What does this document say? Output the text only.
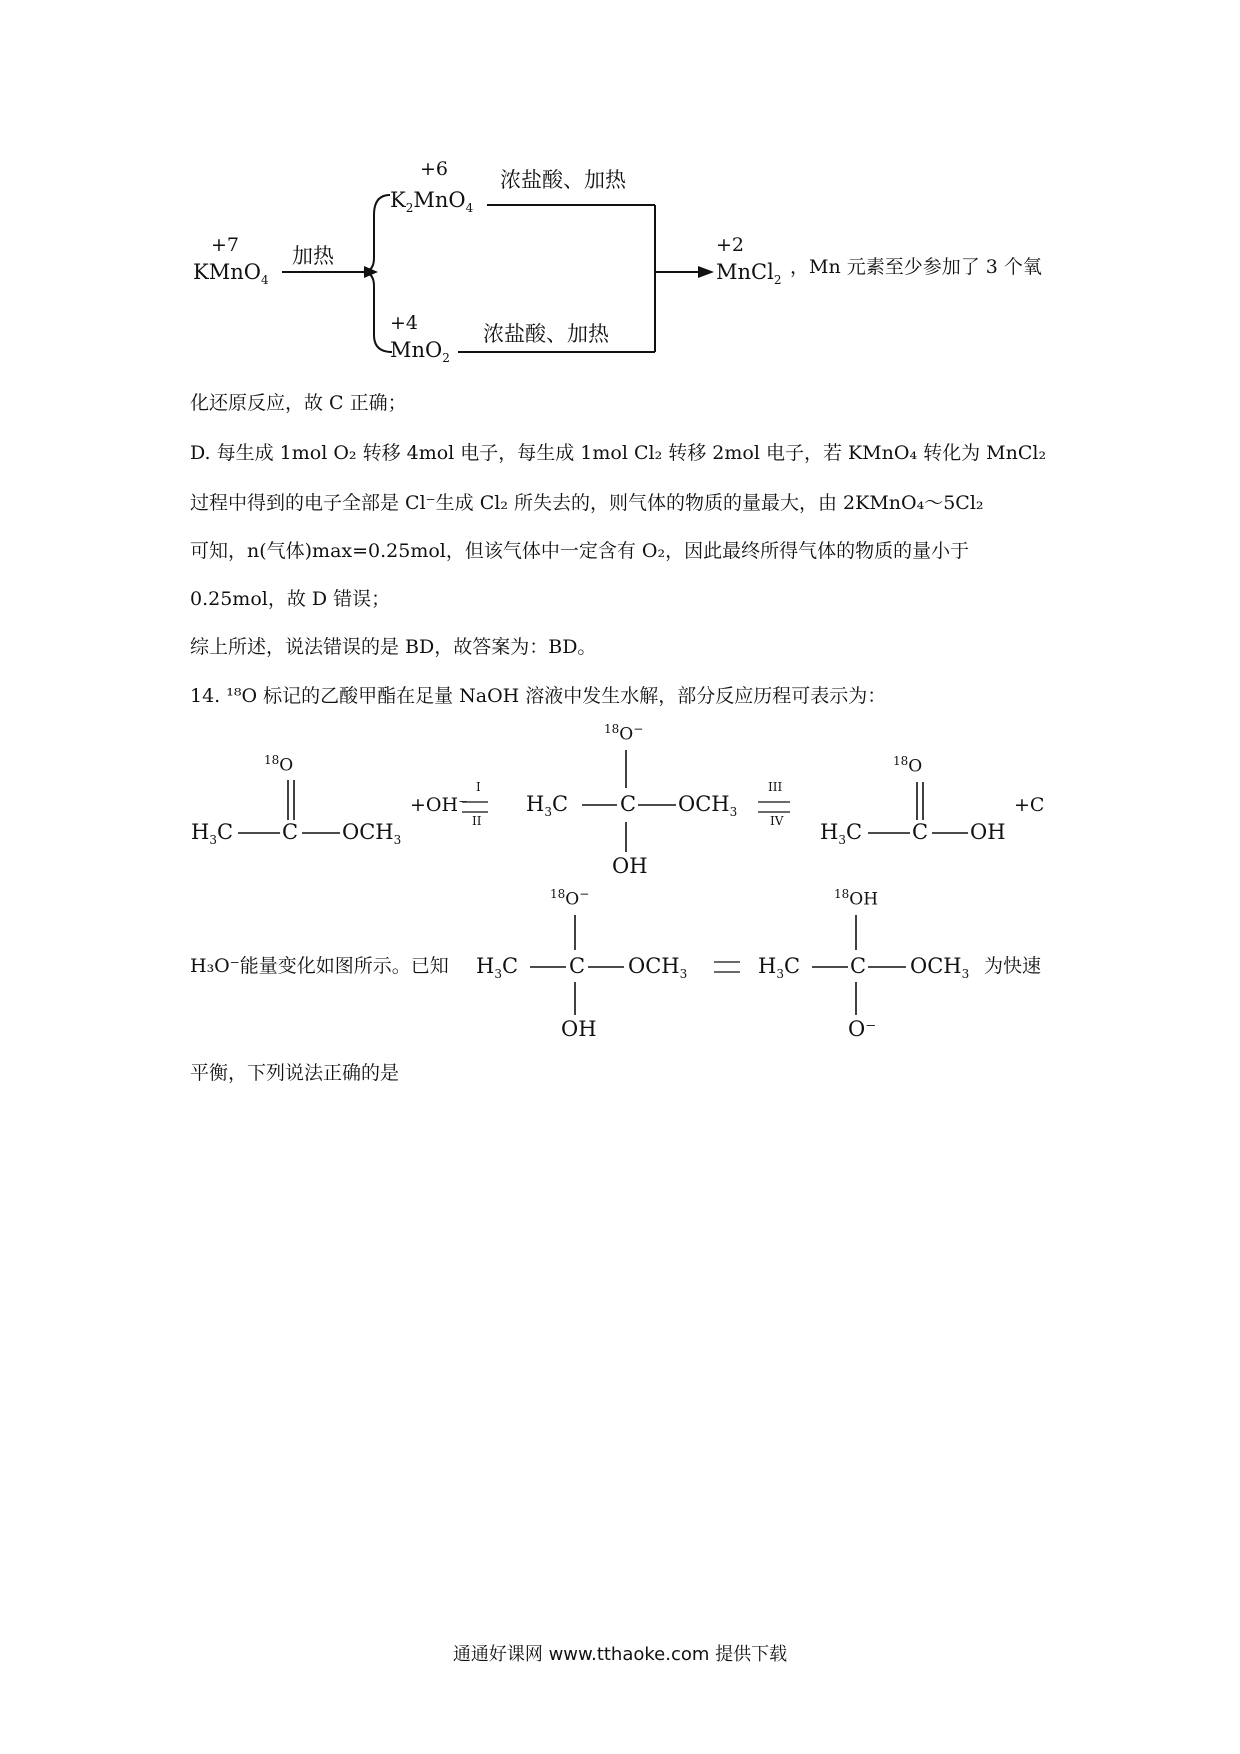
+7
KMnO$_4$
加热
+6
$K_2MnO_4$
浓盐酸、加热
+4
MnO$_2$
浓盐酸、加热
+2
MnCl$_2$
，Mn 元素至少参加了 3 个氧
化还原反应，故 C 正确；
D. 每生成 1mol O₂ 转移 4mol 电子，每生成 1mol Cl₂ 转移 2mol 电子，若 KMnO₄ 转化为 MnCl₂
过程中得到的电子全部是 Cl⁻生成 Cl₂ 所失去的，则气体的物质的量最大，由 2KMnO₄～5Cl₂
可知，n(气体)max=0.25mol，但该气体中一定含有 O₂，因此最终所得气体的物质的量小于
0.25mol，故 D 错误；
综上所述，说法错误的是 BD，故答案为：BD。
14. ¹⁸O 标记的乙酸甲酯在足量 NaOH 溶液中发生水解，部分反应历程可表示为：
$^{18}$O
$H_3C$ C $OCH_3$
+OH⁻
I
II
$^{18}$O−
$H_3C$ C $OCH_3$
OH
III
IV
$^{18}$O
$H_3C$ C OH
+C
H₃O⁻能量变化如图所示。已知
$^{18}$O−
$H_3C$ C $OCH_3$
OH
$^{18}$OH
$H_3C$ C $OCH_3$
O⁻
为快速
平衡，下列说法正确的是
通通好课网 www.tthaoke.com 提供下载
